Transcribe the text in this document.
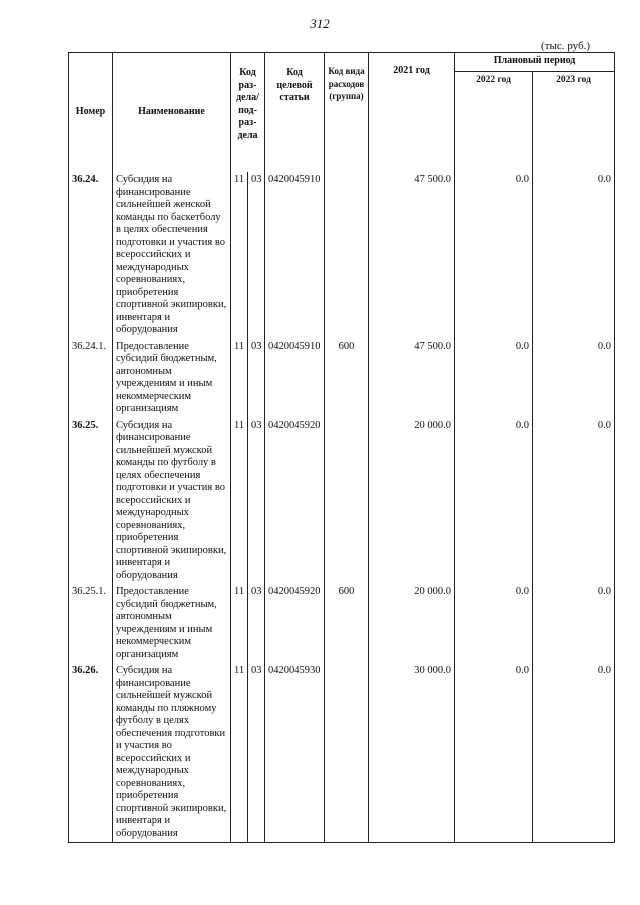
312
(тыс. руб.)
Номер	Наименование	Код раз-дела/ под-раз-дела		Код целевой статьи	Код вида расходов (группа)	2021 год	Плановый период	
							2022 год	2023 год
36.24.	Субсидия на финансирование сильнейшей женской команды по баскетболу в целях обеспечения подготовки и участия во всероссийских и международных соревнованиях, приобретения спортивной экипировки, инвентаря и оборудования	11	03	0420045910		47 500.0	0.0	0.0
36.24.1.	Предоставление субсидий бюджетным, автономным учреждениям и иным некоммерческим организациям	11	03	0420045910	600	47 500.0	0.0	0.0
36.25.	Субсидия на финансирование сильнейшей мужской команды по футболу в целях обеспечения подготовки и участия во всероссийских и международных соревнованиях, приобретения спортивной экипировки, инвентаря и оборудования	11	03	0420045920		20 000.0	0.0	0.0
36.25.1.	Предоставление субсидий бюджетным, автономным учреждениям и иным некоммерческим организациям	11	03	0420045920	600	20 000.0	0.0	0.0
36.26.	Субсидия на финансирование сильнейшей мужской команды по пляжному футболу в целях обеспечения подготовки и участия во всероссийских и международных соревнованиях, приобретения спортивной экипировки, инвентаря и оборудования	11	03	0420045930		30 000.0	0.0	0.0
